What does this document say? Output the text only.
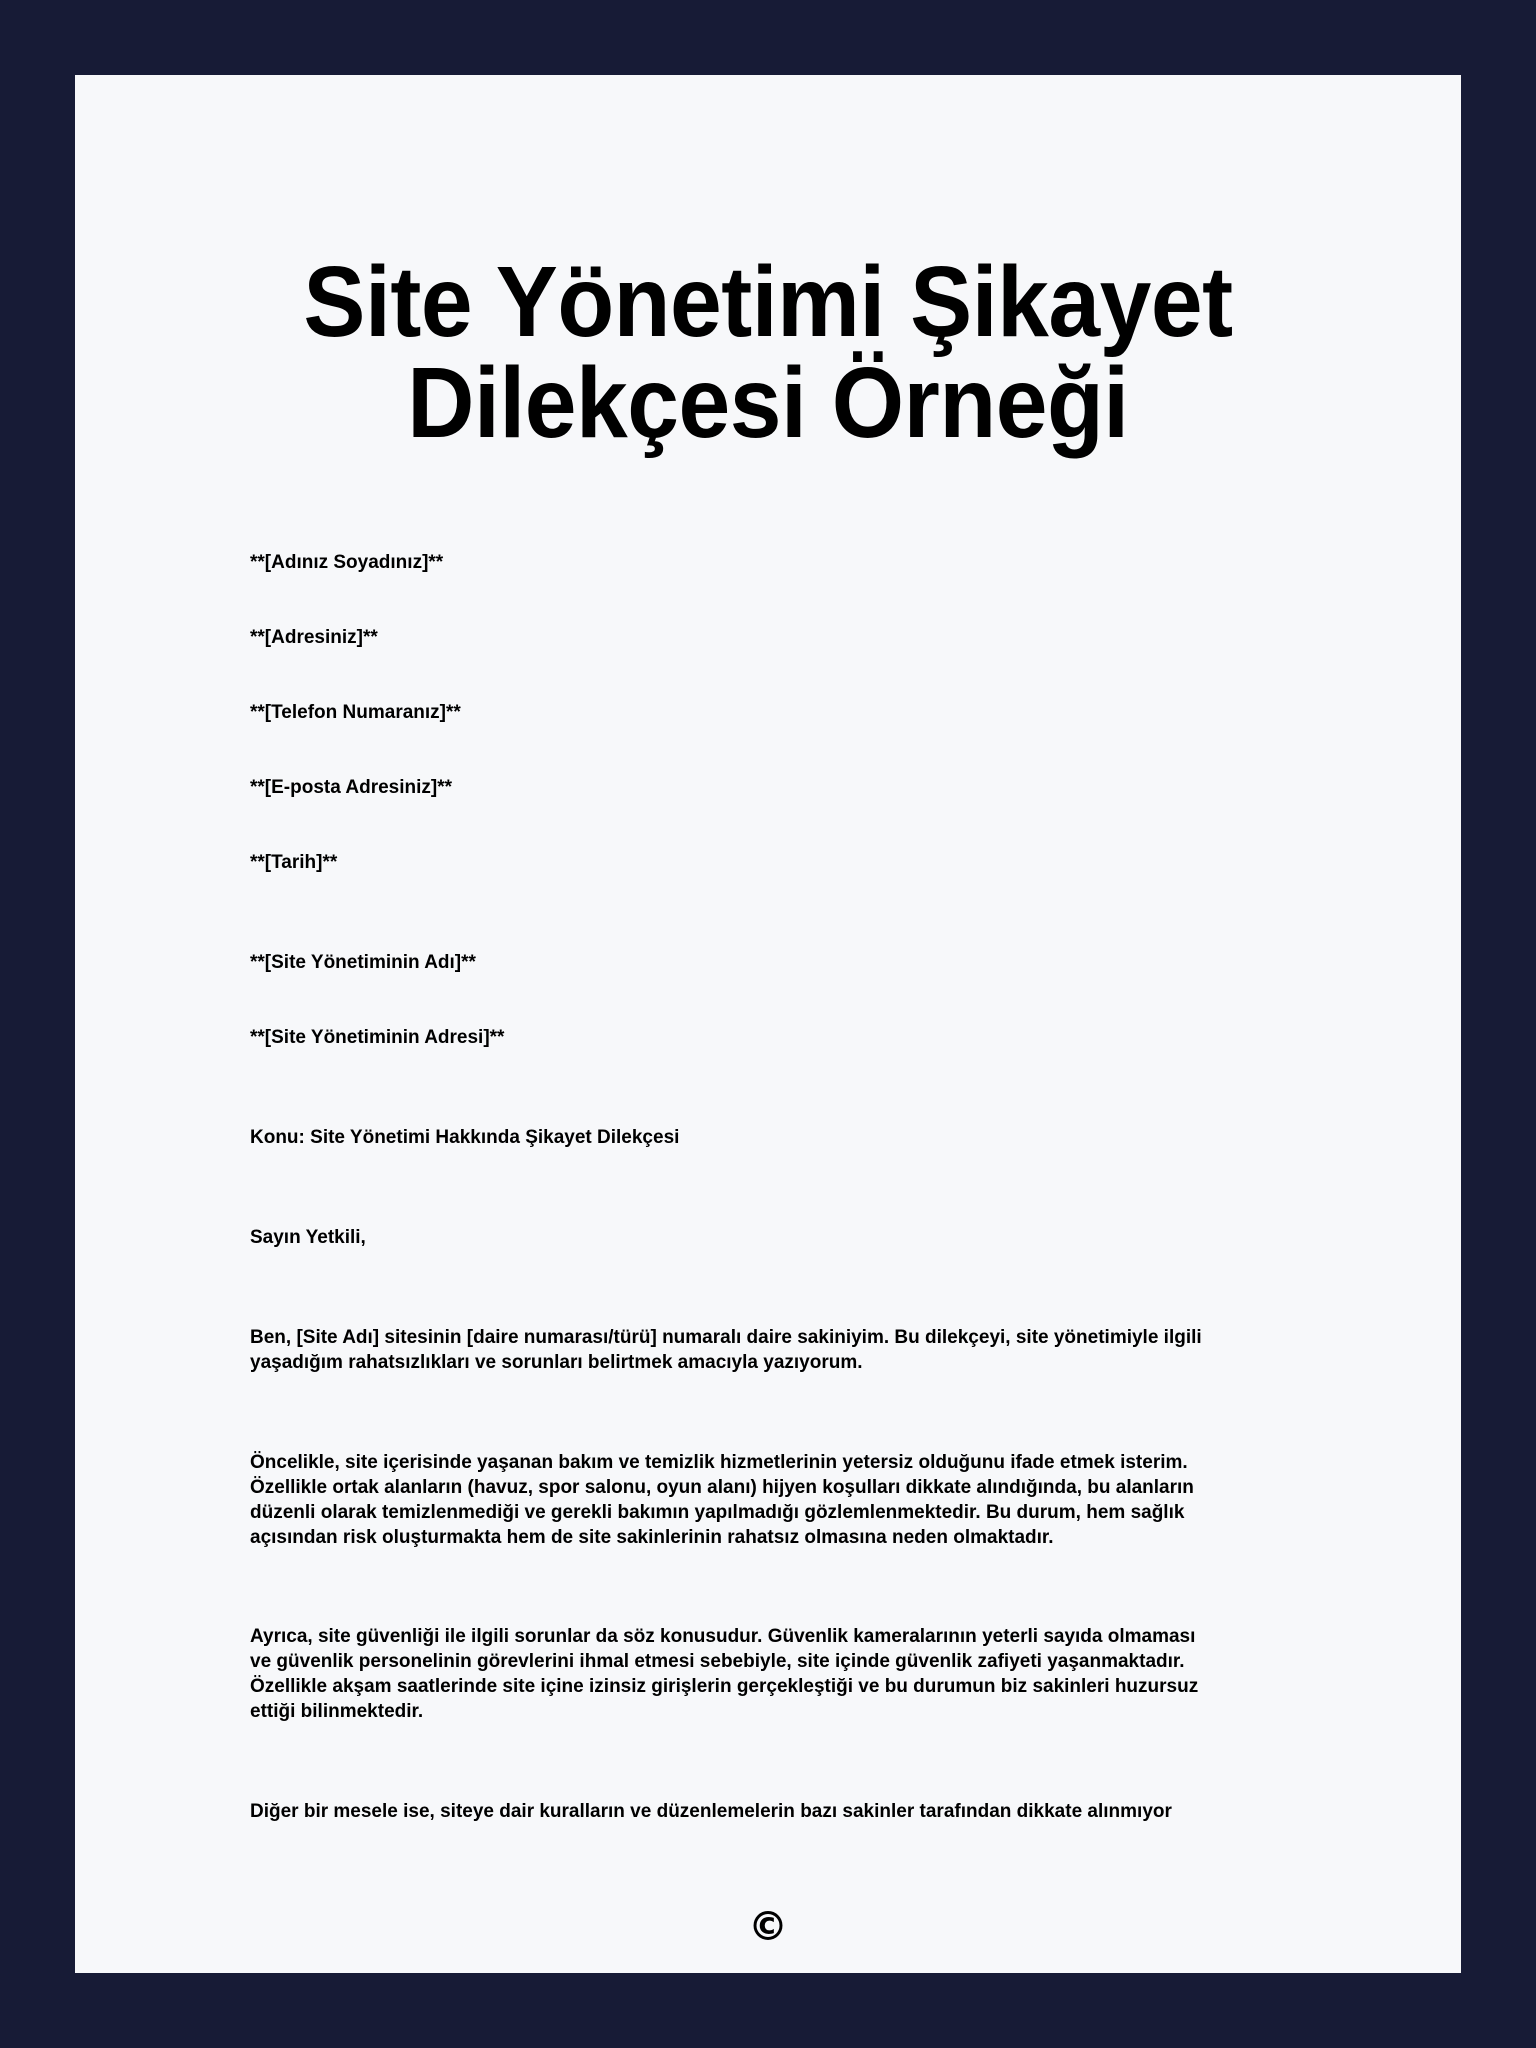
Site Yönetimi Şikayet
Dilekçesi Örneği

**[Adınız Soyadınız]**

**[Adresiniz]**

**[Telefon Numaranız]**

**[E-posta Adresiniz]**

**[Tarih]**

**[Site Yönetiminin Adı]**

**[Site Yönetiminin Adresi]**

Konu: Site Yönetimi Hakkında Şikayet Dilekçesi

Sayın Yetkili,

Ben, [Site Adı] sitesinin [daire numarası/türü] numaralı daire sakiniyim. Bu dilekçeyi, site yönetimiyle ilgili
yaşadığım rahatsızlıkları ve sorunları belirtmek amacıyla yazıyorum.
Öncelikle, site içerisinde yaşanan bakım ve temizlik hizmetlerinin yetersiz olduğunu ifade etmek isterim.
Özellikle ortak alanların (havuz, spor salonu, oyun alanı) hijyen koşulları dikkate alındığında, bu alanların
düzenli olarak temizlenmediği ve gerekli bakımın yapılmadığı gözlemlenmektedir. Bu durum, hem sağlık
açısından risk oluşturmakta hem de site sakinlerinin rahatsız olmasına neden olmaktadır.
Ayrıca, site güvenliği ile ilgili sorunlar da söz konusudur. Güvenlik kameralarının yeterli sayıda olmaması
ve güvenlik personelinin görevlerini ihmal etmesi sebebiyle, site içinde güvenlik zafiyeti yaşanmaktadır.
Özellikle akşam saatlerinde site içine izinsiz girişlerin gerçekleştiği ve bu durumun biz sakinleri huzursuz
ettiği bilinmektedir.
Diğer bir mesele ise, siteye dair kuralların ve düzenlemelerin bazı sakinler tarafından dikkate alınmıyor
©
